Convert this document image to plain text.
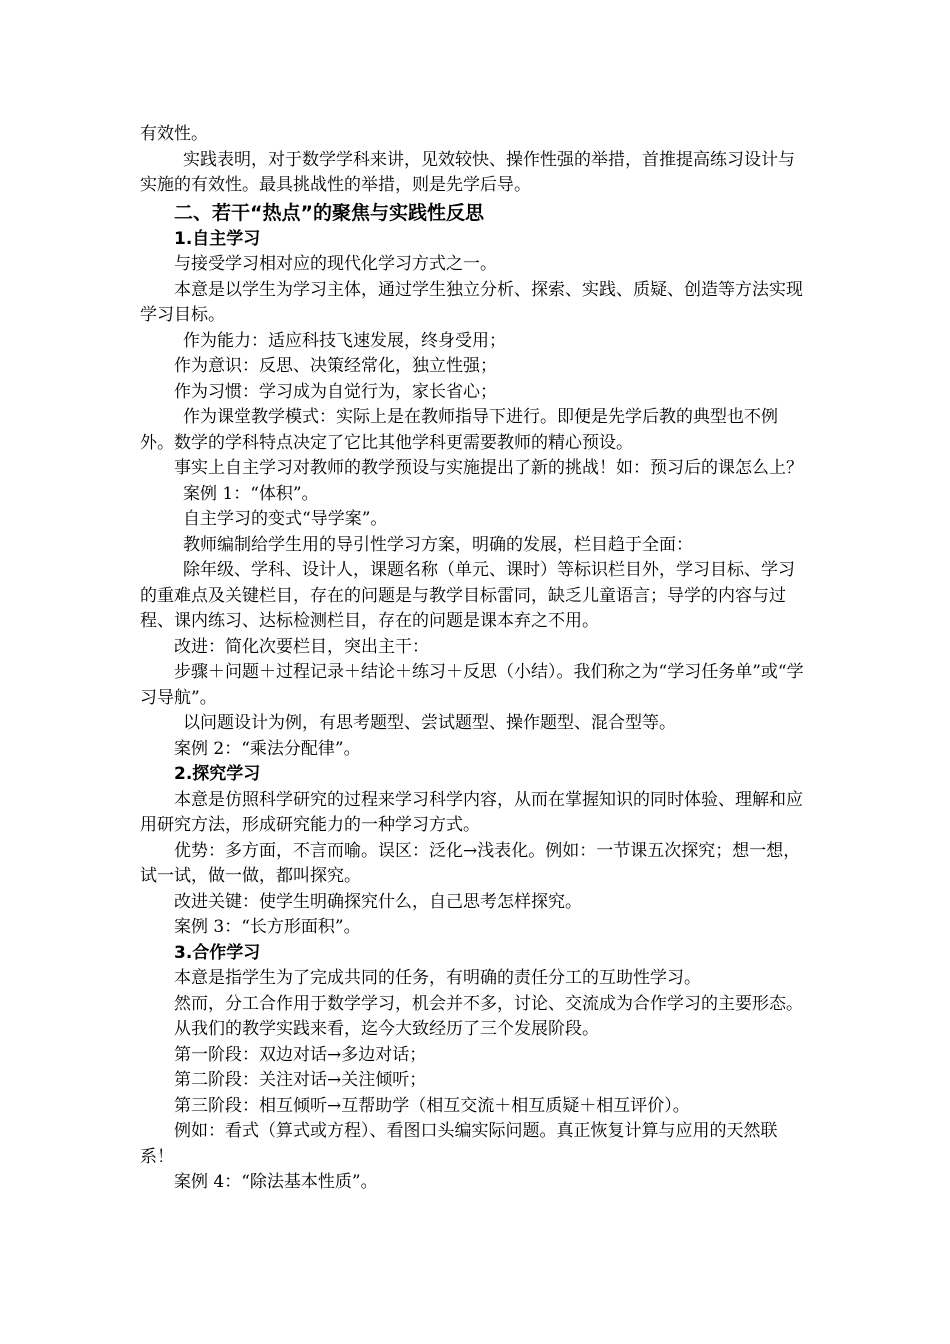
有效性。

实践表明，对于数学学科来讲，见效较快、操作性强的举措，首推提高练习设计与实施的有效性。最具挑战性的举措，则是先学后导。

二、若干“热点”的聚焦与实践性反思

1.自主学习

与接受学习相对应的现代化学习方式之一。

本意是以学生为学习主体，通过学生独立分析、探索、实践、质疑、创造等方法实现学习目标。

作为能力：适应科技飞速发展，终身受用；

作为意识：反思、决策经常化，独立性强；

作为习惯：学习成为自觉行为，家长省心；

作为课堂教学模式：实际上是在教师指导下进行。即便是先学后教的典型也不例外。数学的学科特点决定了它比其他学科更需要教师的精心预设。

事实上自主学习对教师的教学预设与实施提出了新的挑战！如：预习后的课怎么上？

案例 1：“体积”。

自主学习的变式“导学案”。

教师编制给学生用的导引性学习方案，明确的发展，栏目趋于全面：

除年级、学科、设计人，课题名称（单元、课时）等标识栏目外，学习目标、学习的重难点及关键栏目，存在的问题是与教学目标雷同，缺乏儿童语言；导学的内容与过程、课内练习、达标检测栏目，存在的问题是课本弃之不用。

改进：简化次要栏目，突出主干：

步骤＋问题＋过程记录＋结论＋练习＋反思（小结）。我们称之为“学习任务单”或“学习导航”。

以问题设计为例，有思考题型、尝试题型、操作题型、混合型等。

案例 2：“乘法分配律”。

2.探究学习

本意是仿照科学研究的过程来学习科学内容，从而在掌握知识的同时体验、理解和应用研究方法，形成研究能力的一种学习方式。

优势：多方面，不言而喻。误区：泛化→浅表化。例如：一节课五次探究；想一想，试一试，做一做，都叫探究。

改进关键：使学生明确探究什么，自己思考怎样探究。

案例 3：“长方形面积”。

3.合作学习

本意是指学生为了完成共同的任务，有明确的责任分工的互助性学习。

然而，分工合作用于数学学习，机会并不多，讨论、交流成为合作学习的主要形态。

从我们的教学实践来看，迄今大致经历了三个发展阶段。

第一阶段：双边对话→多边对话；

第二阶段：关注对话→关注倾听；

第三阶段：相互倾听→互帮助学（相互交流＋相互质疑＋相互评价）。

例如：看式（算式或方程）、看图口头编实际问题。真正恢复计算与应用的天然联系！

案例 4：“除法基本性质”。
